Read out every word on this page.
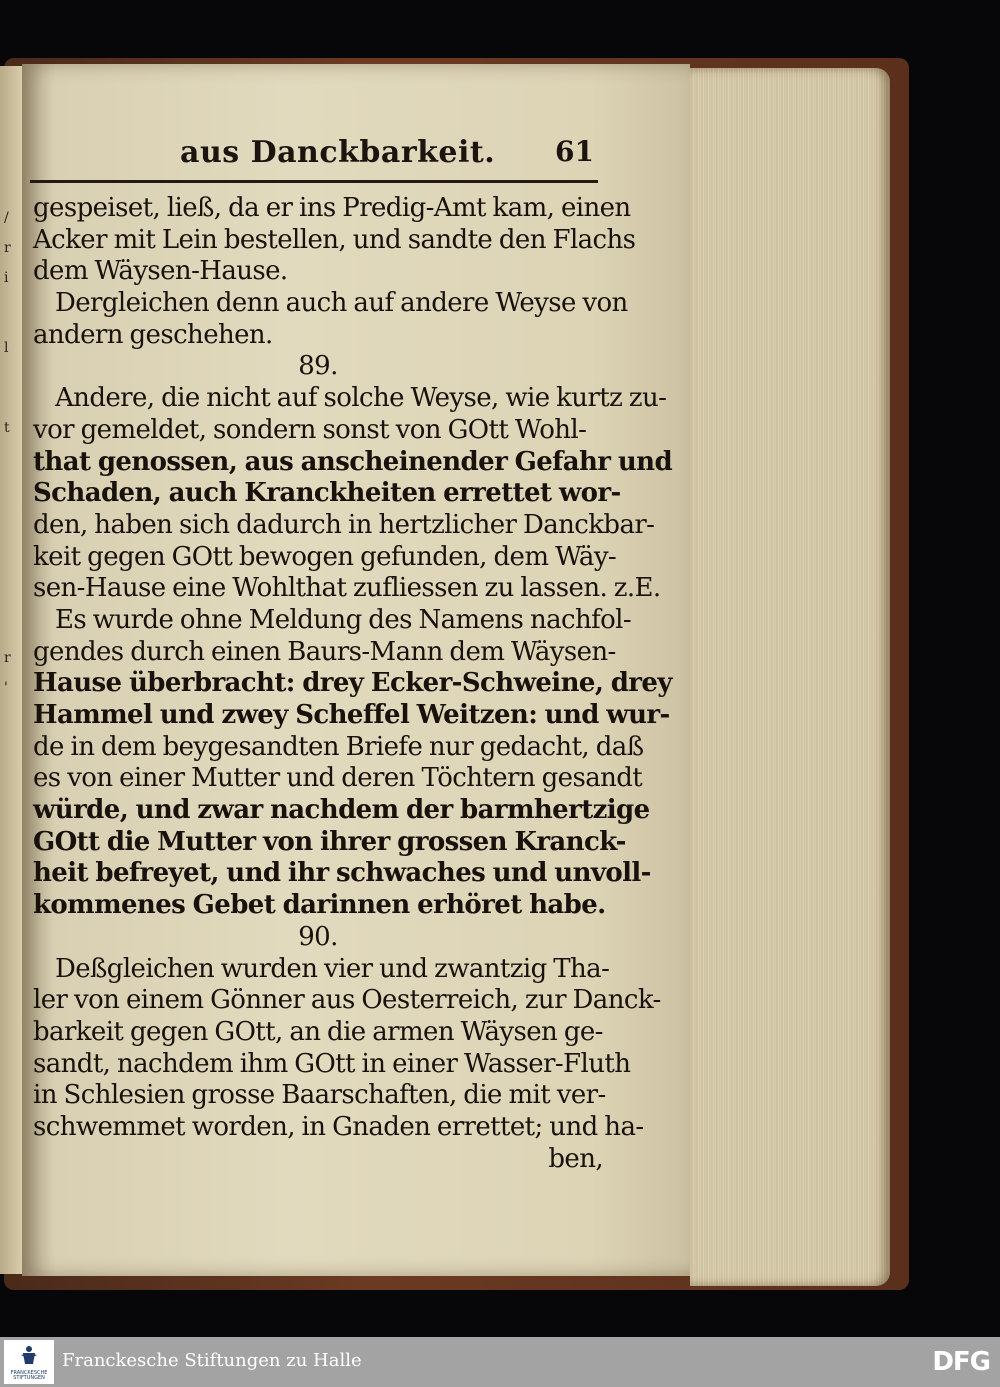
/
r
i
l
t
r
'
aus Danckbarkeit. 61
gespeiset, ließ, da er ins Predig-Amt kam, einen
Acker mit Lein bestellen, und sandte den Flachs
dem Wäysen-Hause.
Dergleichen denn auch auf andere Weyse von
andern geschehen.
89.
Andere, die nicht auf solche Weyse, wie kurtz zu-
vor gemeldet, sondern sonst von GOtt Wohl-
that genossen, aus anscheinender Gefahr und
Schaden, auch Kranckheiten errettet wor-
den, haben sich dadurch in hertzlicher Danckbar-
keit gegen GOtt bewogen gefunden, dem Wäy-
sen-Hause eine Wohlthat zufliessen zu lassen. z.E.
Es wurde ohne Meldung des Namens nachfol-
gendes durch einen Baurs-Mann dem Wäysen-
Hause überbracht: drey Ecker-Schweine, drey
Hammel und zwey Scheffel Weitzen: und wur-
de in dem beygesandten Briefe nur gedacht, daß
es von einer Mutter und deren Töchtern gesandt
würde, und zwar nachdem der barmhertzige
GOtt die Mutter von ihrer grossen Kranck-
heit befreyet, und ihr schwaches und unvoll-
kommenes Gebet darinnen erhöret habe.
90.
Deßgleichen wurden vier und zwantzig Tha-
ler von einem Gönner aus Oesterreich, zur Danck-
barkeit gegen GOtt, an die armen Wäysen ge-
sandt, nachdem ihm GOtt in einer Wasser-Fluth
in Schlesien grosse Baarschaften, die mit ver-
schwemmet worden, in Gnaden errettet; und ha-
ben,
FRANCKESCHE STIFTUNGEN
Franckesche Stiftungen zu Halle	DFG
